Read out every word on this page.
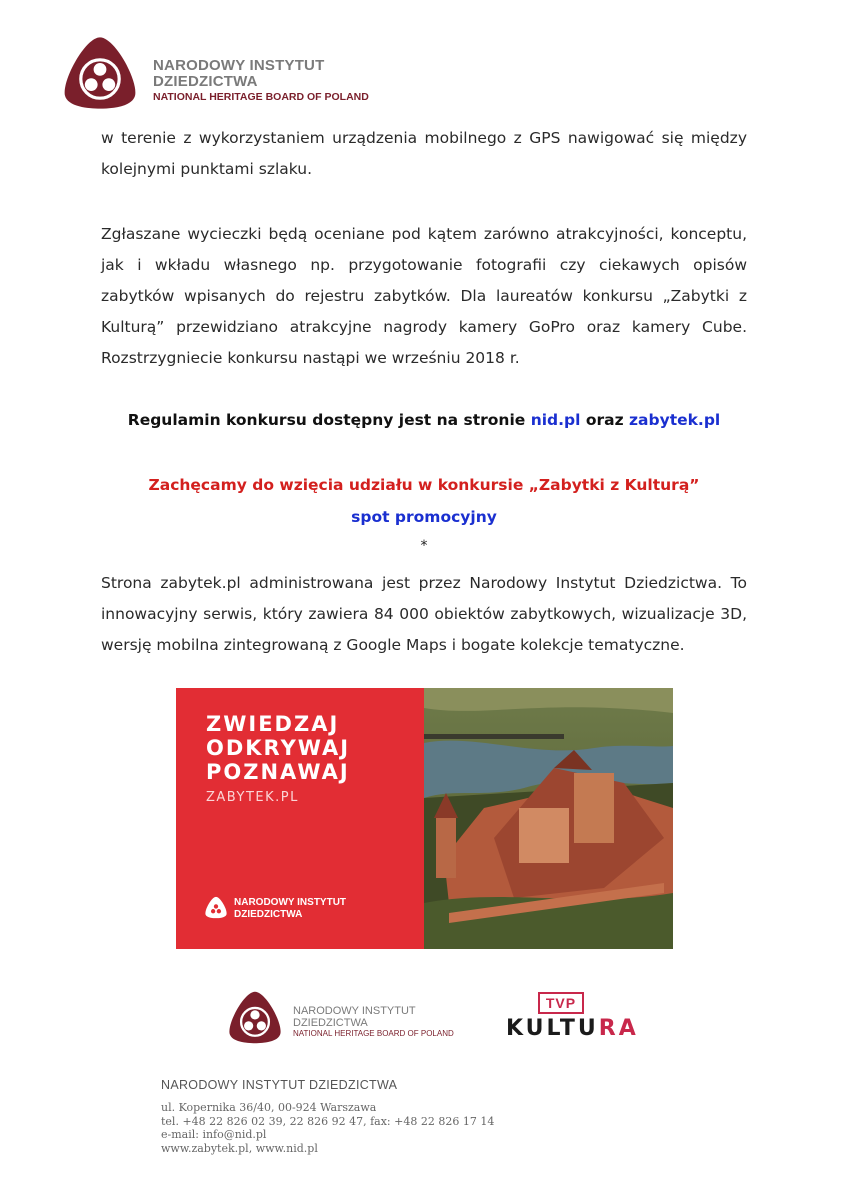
NARODOWY INSTYTUT
DZIEDZICTWA
NATIONAL HERITAGE BOARD OF POLAND
w terenie z wykorzystaniem urządzenia mobilnego z GPS nawigować się między kolejnymi punktami szlaku.
Zgłaszane wycieczki będą oceniane pod kątem zarówno atrakcyjności, konceptu, jak i wkładu własnego np. przygotowanie fotografii czy ciekawych opisów zabytków wpisanych do rejestru zabytków. Dla laureatów konkursu „Zabytki z Kulturą” przewidziano atrakcyjne nagrody kamery GoPro oraz kamery Cube. Rozstrzygniecie konkursu nastąpi we wrześniu 2018 r.
Regulamin konkursu dostępny jest na stronie nid.pl oraz zabytek.pl
Zachęcamy do wzięcia udziału w konkursie „Zabytki z Kulturą”
spot promocyjny
*
Strona zabytek.pl administrowana jest przez Narodowy Instytut Dziedzictwa. To innowacyjny serwis, który zawiera 84 000 obiektów zabytkowych, wizualizacje 3D, wersję mobilna zintegrowaną z Google Maps i bogate kolekcje tematyczne.
ZWIEDZAJ
ODKRYWAJ
POZNAWAJ
ZABYTEK.PL
NARODOWY INSTYTUT
DZIEDZICTWA
NARODOWY INSTYTUT
DZIEDZICTWA
NATIONAL HERITAGE BOARD OF POLAND
TVP
KULTURA
NARODOWY INSTYTUT DZIEDZICTWA
ul. Kopernika 36/40, 00-924 Warszawa
tel. +48 22 826 02 39, 22 826 92 47, fax: +48 22 826 17 14
e-mail: info@nid.pl
www.zabytek.pl, www.nid.pl
